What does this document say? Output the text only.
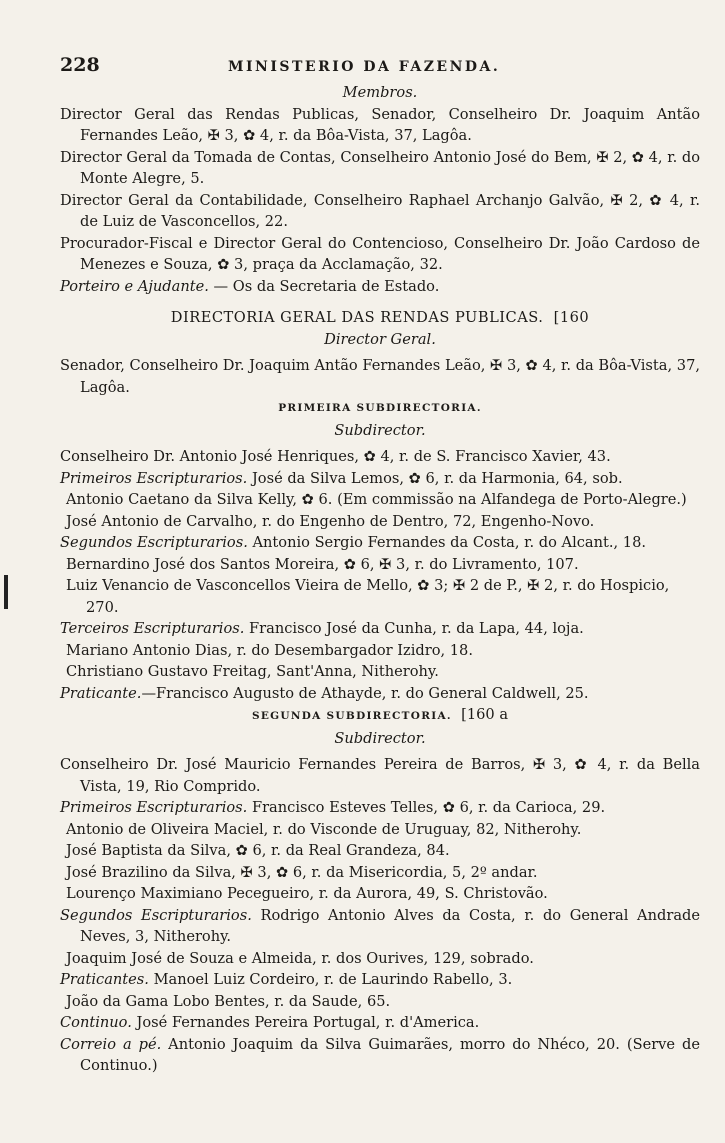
228	MINISTERIO DA FAZENDA.

Membros.

Director Geral das Rendas Publicas, Senador, Conselheiro Dr. Joaquim Antão Fernandes Leão, ✠ 3, ✿ 4, r. da Bôa-Vista, 37, Lagôa.

Director Geral da Tomada de Contas, Conselheiro Antonio José do Bem, ✠ 2, ✿ 4, r. do Monte Alegre, 5.

Director Geral da Contabilidade, Conselheiro Raphael Archanjo Galvão, ✠ 2, ✿ 4, r. de Luiz de Vasconcellos, 22.

Procurador-Fiscal e Director Geral do Contencioso, Conselheiro Dr. João Cardoso de Menezes e Souza, ✿ 3, praça da Acclamação, 32.

Porteiro e Ajudante. — Os da Secretaria de Estado.

DIRECTORIA GERAL DAS RENDAS PUBLICAS. [160

Director Geral.

Senador, Conselheiro Dr. Joaquim Antão Fernandes Leão, ✠ 3, ✿ 4, r. da Bôa-Vista, 37, Lagôa.

PRIMEIRA SUBDIRECTORIA.

Subdirector.

Conselheiro Dr. Antonio José Henriques, ✿ 4, r. de S. Francisco Xavier, 43.

Primeiros Escripturarios. José da Silva Lemos, ✿ 6, r. da Harmonia, 64, sob.

Antonio Caetano da Silva Kelly, ✿ 6. (Em commissão na Alfandega de Porto-Alegre.)

José Antonio de Carvalho, r. do Engenho de Dentro, 72, Engenho-Novo.

Segundos Escripturarios. Antonio Sergio Fernandes da Costa, r. do Alcant., 18.

Bernardino José dos Santos Moreira, ✿ 6, ✠ 3, r. do Livramento, 107.

Luiz Venancio de Vasconcellos Vieira de Mello, ✿ 3; ✠ 2 de P., ✠ 2, r. do Hospicio, 270.

Terceiros Escripturarios. Francisco José da Cunha, r. da Lapa, 44, loja.

Mariano Antonio Dias, r. do Desembargador Izidro, 18.

Christiano Gustavo Freitag, Sant'Anna, Nitherohy.

Praticante.—Francisco Augusto de Athayde, r. do General Caldwell, 25.

SEGUNDA SUBDIRECTORIA. [160 a

Subdirector.

Conselheiro Dr. José Mauricio Fernandes Pereira de Barros, ✠ 3, ✿ 4, r. da Bella Vista, 19, Rio Comprido.

Primeiros Escripturarios. Francisco Esteves Telles, ✿ 6, r. da Carioca, 29.

Antonio de Oliveira Maciel, r. do Visconde de Uruguay, 82, Nitherohy.

José Baptista da Silva, ✿ 6, r. da Real Grandeza, 84.

José Brazilino da Silva, ✠ 3, ✿ 6, r. da Misericordia, 5, 2º andar.

Lourenço Maximiano Pecegueiro, r. da Aurora, 49, S. Christovão.

Segundos Escripturarios. Rodrigo Antonio Alves da Costa, r. do General Andrade Neves, 3, Nitherohy.

Joaquim José de Souza e Almeida, r. dos Ourives, 129, sobrado.

Praticantes. Manoel Luiz Cordeiro, r. de Laurindo Rabello, 3.

João da Gama Lobo Bentes, r. da Saude, 65.

Continuo. José Fernandes Pereira Portugal, r. d'America.

Correio a pé. Antonio Joaquim da Silva Guimarães, morro do Nhéco, 20. (Serve de Continuo.)
